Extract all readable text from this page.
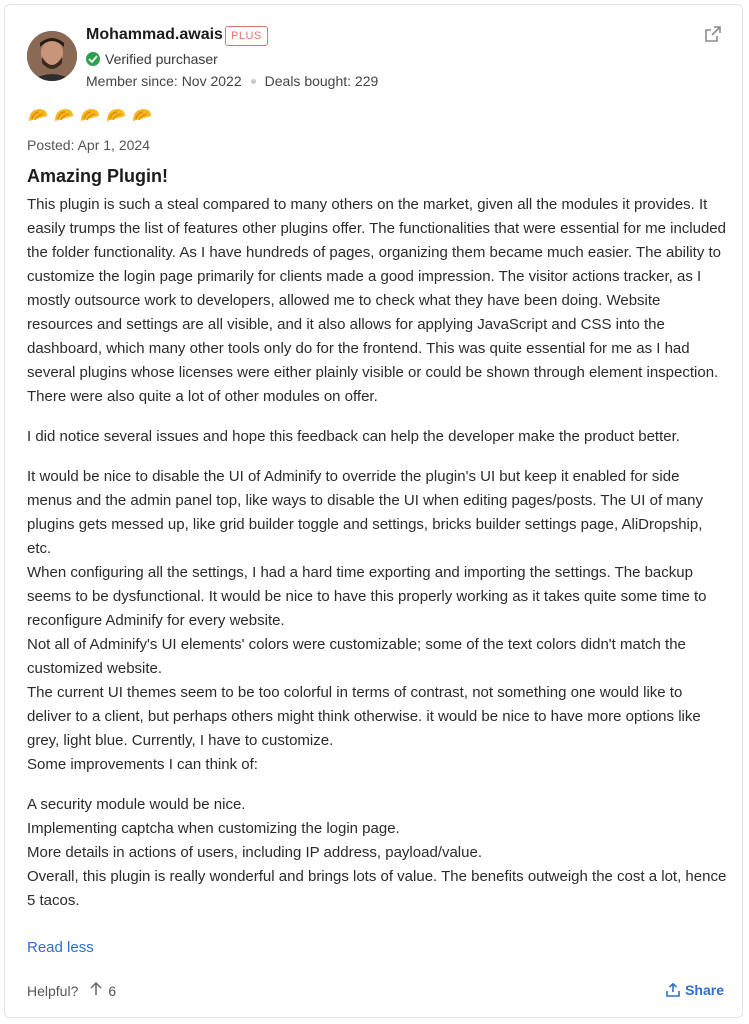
Mohammad.awais PLUS
Verified purchaser
Member since: Nov 2022 Deals bought: 229
Posted: Apr 1, 2024
Amazing Plugin!

This plugin is such a steal compared to many others on the market, given all the modules it provides. It easily trumps the list of features other plugins offer. The functionalities that were essential for me included the folder functionality. As I have hundreds of pages, organizing them became much easier. The ability to customize the login page primarily for clients made a good impression. The visitor actions tracker, as I mostly outsource work to developers, allowed me to check what they have been doing. Website resources and settings are all visible, and it also allows for applying JavaScript and CSS into the dashboard, which many other tools only do for the frontend. This was quite essential for me as I had several plugins whose licenses were either plainly visible or could be shown through element inspection. There were also quite a lot of other modules on offer.

I did notice several issues and hope this feedback can help the developer make the product better.

It would be nice to disable the UI of Adminify to override the plugin's UI but keep it enabled for side menus and the admin panel top, like ways to disable the UI when editing pages/posts. The UI of many plugins gets messed up, like grid builder toggle and settings, bricks builder settings page, AliDropship, etc.

When configuring all the settings, I had a hard time exporting and importing the settings. The backup seems to be dysfunctional. It would be nice to have this properly working as it takes quite some time to reconfigure Adminify for every website.

Not all of Adminify's UI elements' colors were customizable; some of the text colors didn't match the customized website.

The current UI themes seem to be too colorful in terms of contrast, not something one would like to deliver to a client, but perhaps others might think otherwise. it would be nice to have more options like grey, light blue. Currently, I have to customize.

Some improvements I can think of:

A security module would be nice.

Implementing captcha when customizing the login page.

More details in actions of users, including IP address, payload/value.

Overall, this plugin is really wonderful and brings lots of value. The benefits outweigh the cost a lot, hence 5 tacos.

Read less
Helpful? 6	Share
